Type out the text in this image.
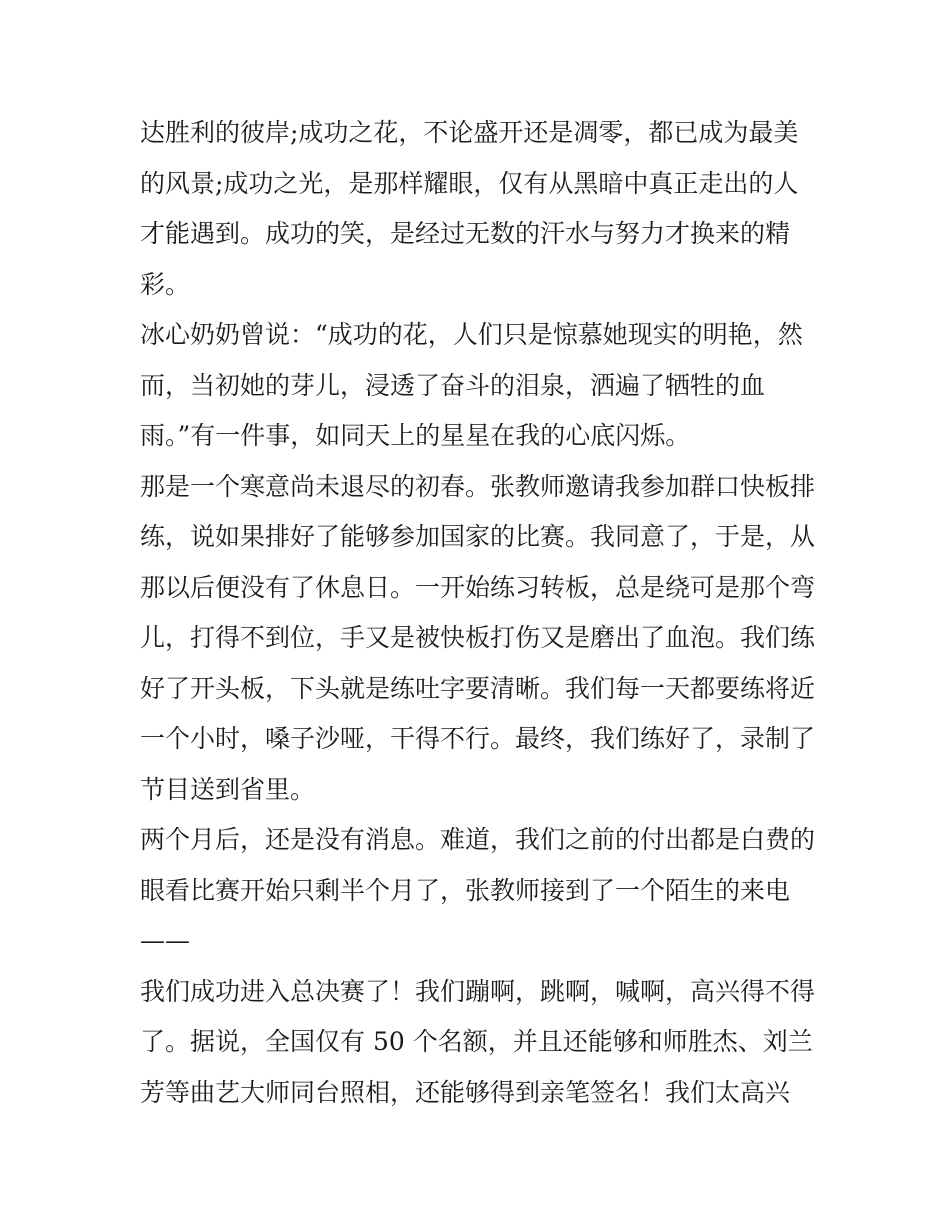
达胜利的彼岸;成功之花，不论盛开还是凋零，都已成为最美
的风景;成功之光，是那样耀眼，仅有从黑暗中真正走出的人
才能遇到。成功的笑，是经过无数的汗水与努力才换来的精
彩。
冰心奶奶曾说：“成功的花，人们只是惊慕她现实的明艳，然
而，当初她的芽儿，浸透了奋斗的泪泉，洒遍了牺牲的血
雨。”有一件事，如同天上的星星在我的心底闪烁。
那是一个寒意尚未退尽的初春。张教师邀请我参加群口快板排
练，说如果排好了能够参加国家的比赛。我同意了，于是，从
那以后便没有了休息日。一开始练习转板，总是绕可是那个弯
儿，打得不到位，手又是被快板打伤又是磨出了血泡。我们练
好了开头板，下头就是练吐字要清晰。我们每一天都要练将近
一个小时，嗓子沙哑，干得不行。最终，我们练好了，录制了
节目送到省里。
两个月后，还是没有消息。难道，我们之前的付出都是白费的
眼看比赛开始只剩半个月了，张教师接到了一个陌生的来电
——
我们成功进入总决赛了！我们蹦啊，跳啊，喊啊，高兴得不得
了。据说，全国仅有 50 个名额，并且还能够和师胜杰、刘兰
芳等曲艺大师同台照相，还能够得到亲笔签名！我们太高兴
